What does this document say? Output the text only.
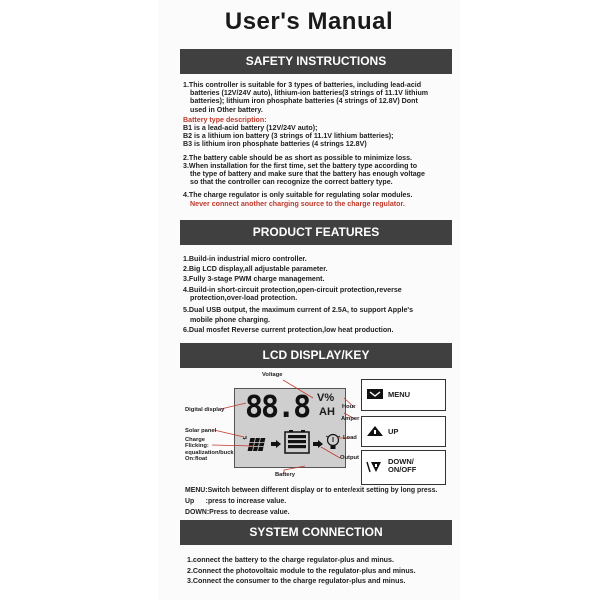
User's Manual
SAFETY INSTRUCTIONS
1.This controller is suitable for 3 types of batteries, including lead-acid
batteries (12V/24V auto), lithium-ion batteries(3 strings of 11.1V lithium
batteries); lithium iron phosphate batteries (4 strings of 12.8V) Dont
used in Other battery.
Battery type description:
B1 is a lead-acid battery (12V/24V auto);
B2 is a lithium ion battery (3 strings of 11.1V lithium batteries);
B3 is lithium iron phosphate batteries (4 strings 12.8V)
2.The battery cable should be as short as possible to minimize loss.
3.When installation for the first time, set the battery type according to
the type of battery and make sure that the battery has enough voltage
so that the controller can recognize the correct battery type.
4.The charge regulator is only suitable for regulating solar modules.
Never connect another charging source to the charge regulator.
PRODUCT FEATURES
1.Build-in industrial micro controller.
2.Big LCD display,all adjustable parameter.
3.Fully 3-stage PWM charge management.
4.Build-in short-circuit protection,open-circuit protection,reverse
protection,over-load protection.
5.Dual USB output, the maximum current of 2.5A, to support Apple's
mobile phone charging.
6.Dual mosfet Reverse current protection,low heat production.
LCD DISPLAY/KEY
Voltage
88.8 V%
AH
Digital display	Hour
Amper
Load
Solar panel
Charge
Flicking:
equalization/buck
On:float	Output
Battery
MENU
UP
DOWN/
ON/OFF
MENU:Switch between different display or to enter/exit setting by long press.
Up      :press to increase value.
DOWN:Press to decrease value.
SYSTEM CONNECTION
1.connect the battery to the charge regulator-plus and minus.
2.Connect the photovoltaic module to the regulator-plus and minus.
3.Connect the consumer to the charge regulator-plus and minus.
